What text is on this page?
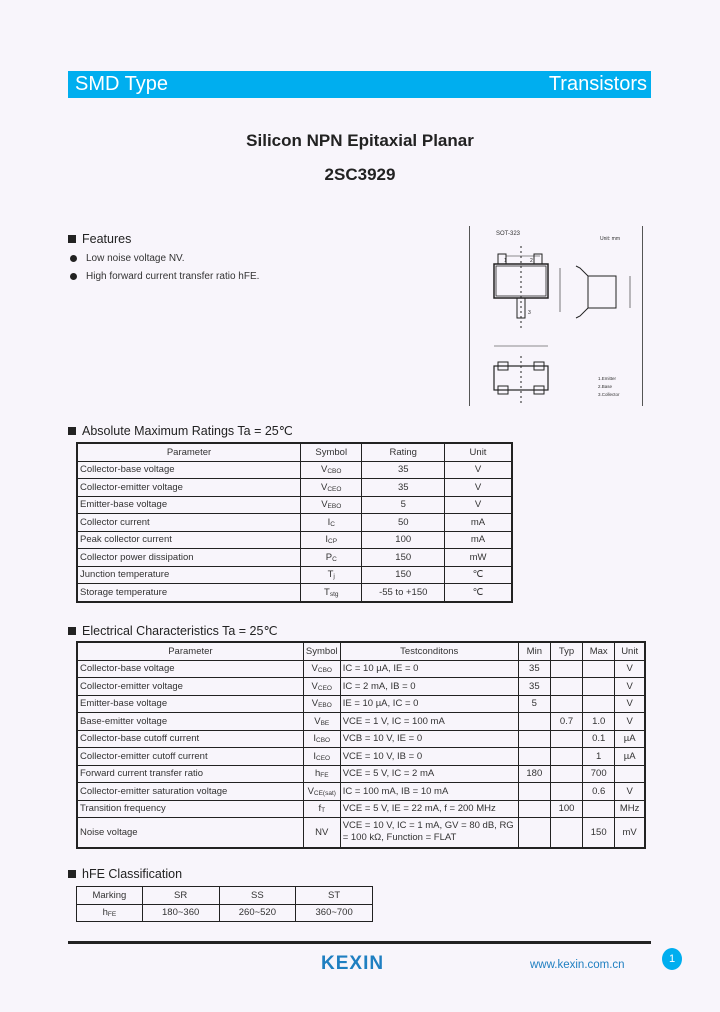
SMD Type	Transistors
Silicon NPN Epitaxial Planar
2SC3929
Features
Low noise voltage NV.
High forward current transfer ratio hFE.
SOT-323
Unit: mm
1	2
3
1.Emitter
2.Base
3.Collector
Absolute Maximum Ratings Ta = 25℃
Parameter	Symbol	Rating	Unit
Collector-base voltage	$V_{CBO}$	35	V
Collector-emitter voltage	$V_{CEO}$	35	V
Emitter-base voltage	$V_{EBO}$	5	V
Collector current	$I_C$	50	mA
Peak collector current	$I_{CP}$	100	mA
Collector power dissipation	$P_C$	150	mW
Junction temperature	$T_j$	150	℃
Storage temperature	$T_{stg}$	-55 to +150	℃
Electrical Characteristics Ta = 25℃
Parameter	Symbol	Testconditons	Min	Typ	Max	Unit
Collector-base voltage	$V_{CBO}$	IC = 10 µA, IE = 0	35			V
Collector-emitter voltage	$V_{CEO}$	IC = 2 mA, IB = 0	35			V
Emitter-base voltage	$V_{EBO}$	IE = 10 µA, IC = 0	5			V
Base-emitter voltage	$V_{BE}$	VCE = 1 V, IC = 100 mA		0.7	1.0	V
Collector-base cutoff current	$I_{CBO}$	VCB = 10 V, IE = 0			0.1	µA
Collector-emitter cutoff current	$I_{CEO}$	VCE = 10 V, IB = 0			1	µA
Forward current transfer ratio	$h_{FE}$	VCE = 5 V, IC = 2 mA	180		700	
Collector-emitter saturation voltage	$V_{CE(sat)}$	IC = 100 mA, IB = 10 mA			0.6	V
Transition frequency	$f_T$	VCE = 5 V, IE = 22 mA, f = 200 MHz		100		MHz
Noise voltage	NV	VCE = 10 V, IC = 1 mA, GV = 80 dB, RG = 100 kΩ, Function = FLAT			150	mV
hFE Classification
Marking	SR	SS	ST
$h_{FE}$	180~360	260~520	360~700
KEXIN	www.kexin.com.cn	1
